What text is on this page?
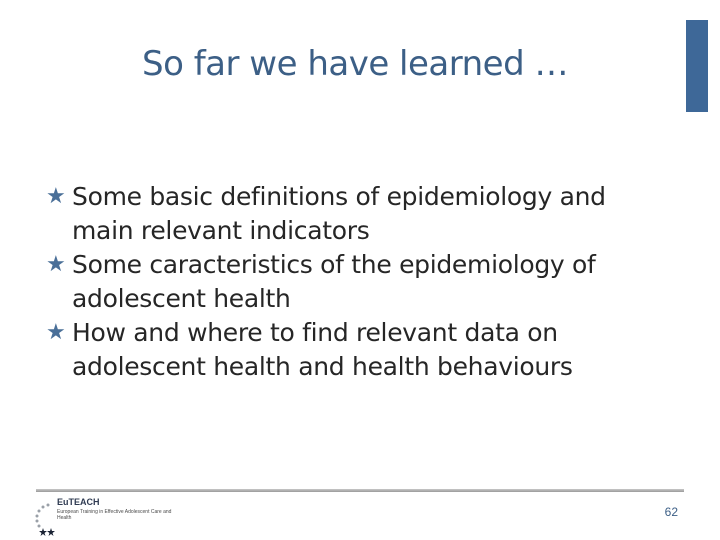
So far we have learned …
★ Some basic definitions of epidemiology and
main relevant indicators
★ Some caracteristics of the epidemiology of
adolescent health
★ How and where to find relevant data on
adolescent health and health behaviours
EuTEACH
European Training in Effective Adolescent Care and Health	62
